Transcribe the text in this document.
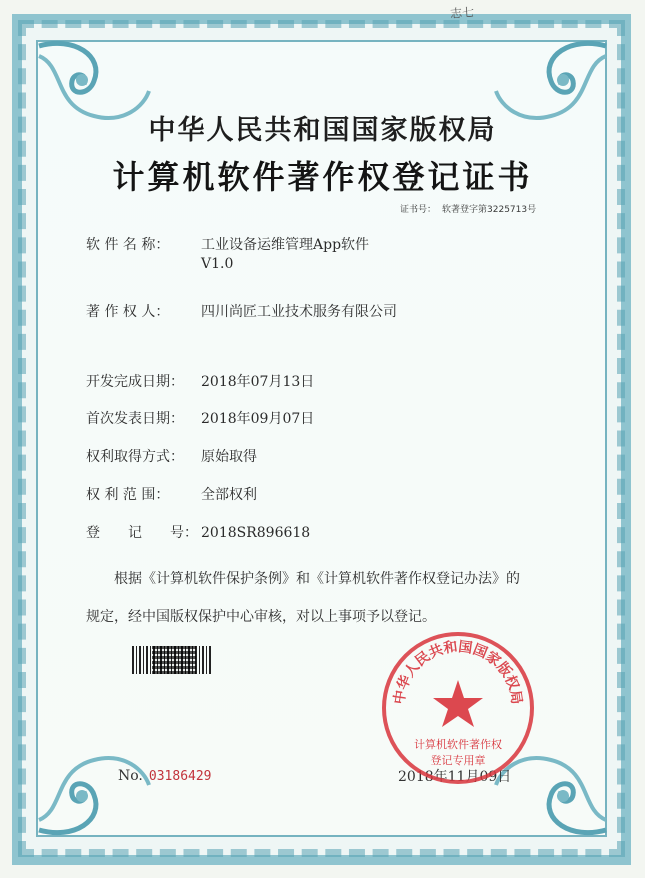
志七
中华人民共和国国家版权局
计算机软件著作权登记证书
证书号： 软著登字第3225713号
软 件 名 称： 工业设备运维管理App软件
V1.0
著 作 权 人： 四川尚匠工业技术服务有限公司
开发完成日期： 2018年07月13日
首次发表日期： 2018年09月07日
权利取得方式： 原始取得
权 利 范 围： 全部权利
登　　记　　号： 2018SR896618
根据《计算机软件保护条例》和《计算机软件著作权登记办法》的
规定，经中国版权保护中心审核，对以上事项予以登记。
No. 03186429	2018年11月09日
中华人民共和国国家版权局
计算机软件著作权
登记专用章
